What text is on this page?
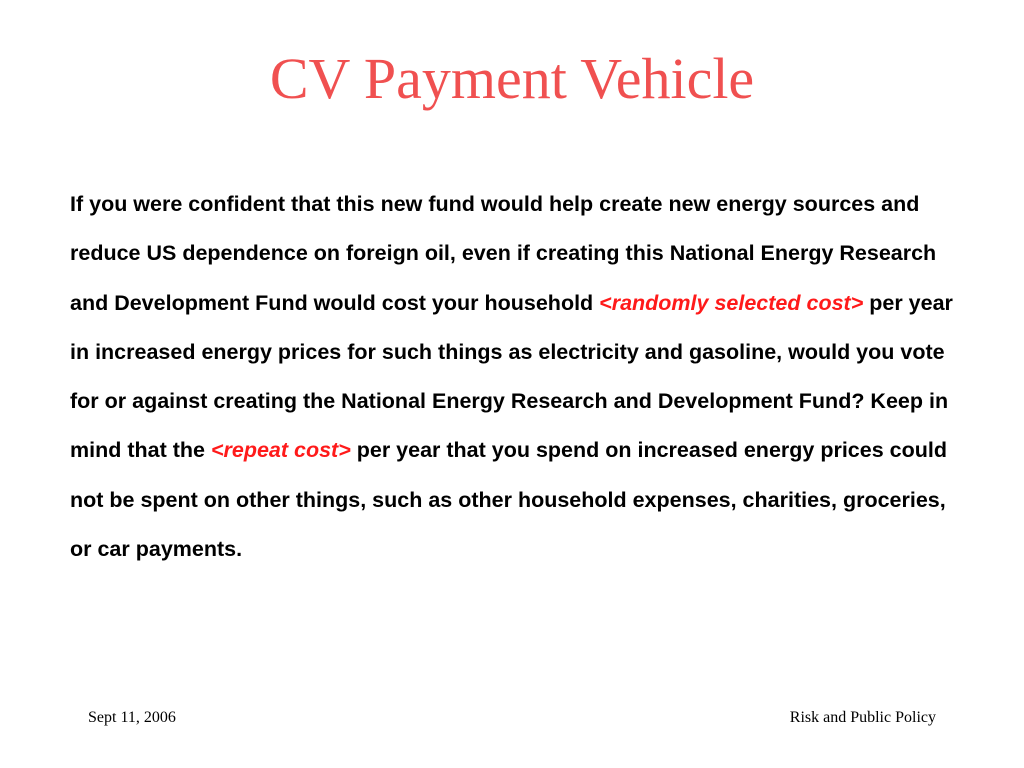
CV Payment Vehicle

If you were confident that this new fund would help create new energy sources and reduce US dependence on foreign oil, even if creating this National Energy Research and Development Fund would cost your household <randomly selected cost> per year in increased energy prices for such things as electricity and gasoline, would you vote for or against creating the National Energy Research and Development Fund? Keep in mind that the <repeat cost> per year that you spend on increased energy prices could not be spent on other things, such as other household expenses, charities, groceries, or car payments.

Sept 11, 2006	Risk and Public Policy
